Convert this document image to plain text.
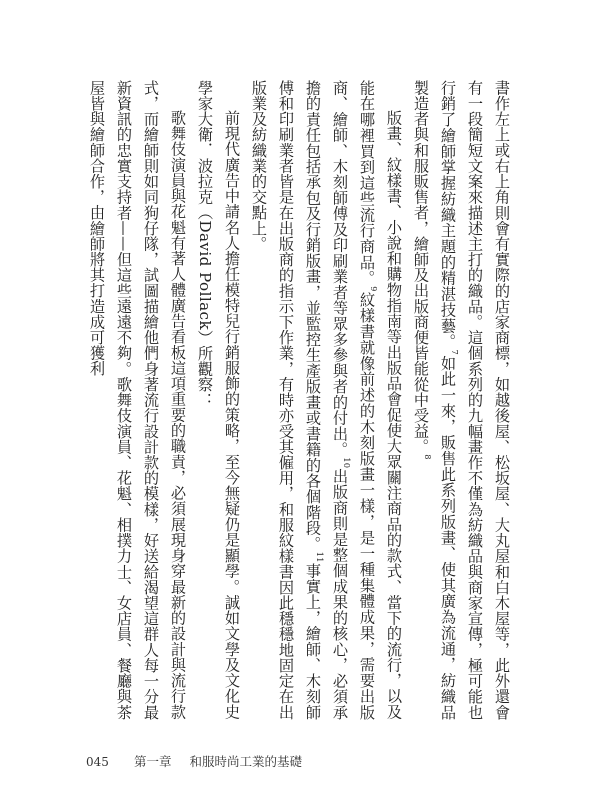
書作左上或右上角則會有實際的店家商標，如越後屋、松坂屋、大丸屋和白木屋等，此外還會有一段簡短文案來描述主打的織品。這個系列的九幅畫作不僅為紡織品與商家宣傳，極可能也行銷了繪師掌握紡織主題的精湛技藝。$^7$如此一來，販售此系列版畫、使其廣為流通，紡織品製造者與和服販售者，繪師及出版商便皆能從中受益。$^8$

版畫、紋樣書、小說和購物指南等出版品會促使大眾關注商品的款式、當下的流行，以及能在哪裡買到這些流行商品。$^9$紋樣書就像前述的木刻版畫一樣，是一種集體成果，需要出版商、繪師、木刻師傅及印刷業者等眾多參與者的付出。$^{10}$出版商則是整個成果的核心，必須承擔的責任包括承包及行銷版畫，並監控生產版畫或書籍的各個階段。$^{11}$事實上，繪師、木刻師傅和印刷業者皆是在出版商的指示下作業，有時亦受其僱用，和服紋樣書因此穩穩地固定在出版業及紡織業的交點上。

前現代廣告中請名人擔任模特兒行銷服飾的策略，至今無疑仍是顯學。誠如文學及文化史學家大衛．波拉克（David Pollack）所觀察：

歌舞伎演員與花魁有著人體廣告看板這項重要的職責，必須展現身穿最新的設計與流行款式，而繪師則如同狗仔隊，試圖描繪他們身著流行設計款的模樣，好送給渴望這群人每一分最新資訊的忠實支持者——但這些遠遠不夠。歌舞伎演員、花魁、相撲力士、女店員、餐廳與茶屋皆與繪師合作，由繪師將其打造成可獲利

045 第一章 和服時尚工業的基礎
